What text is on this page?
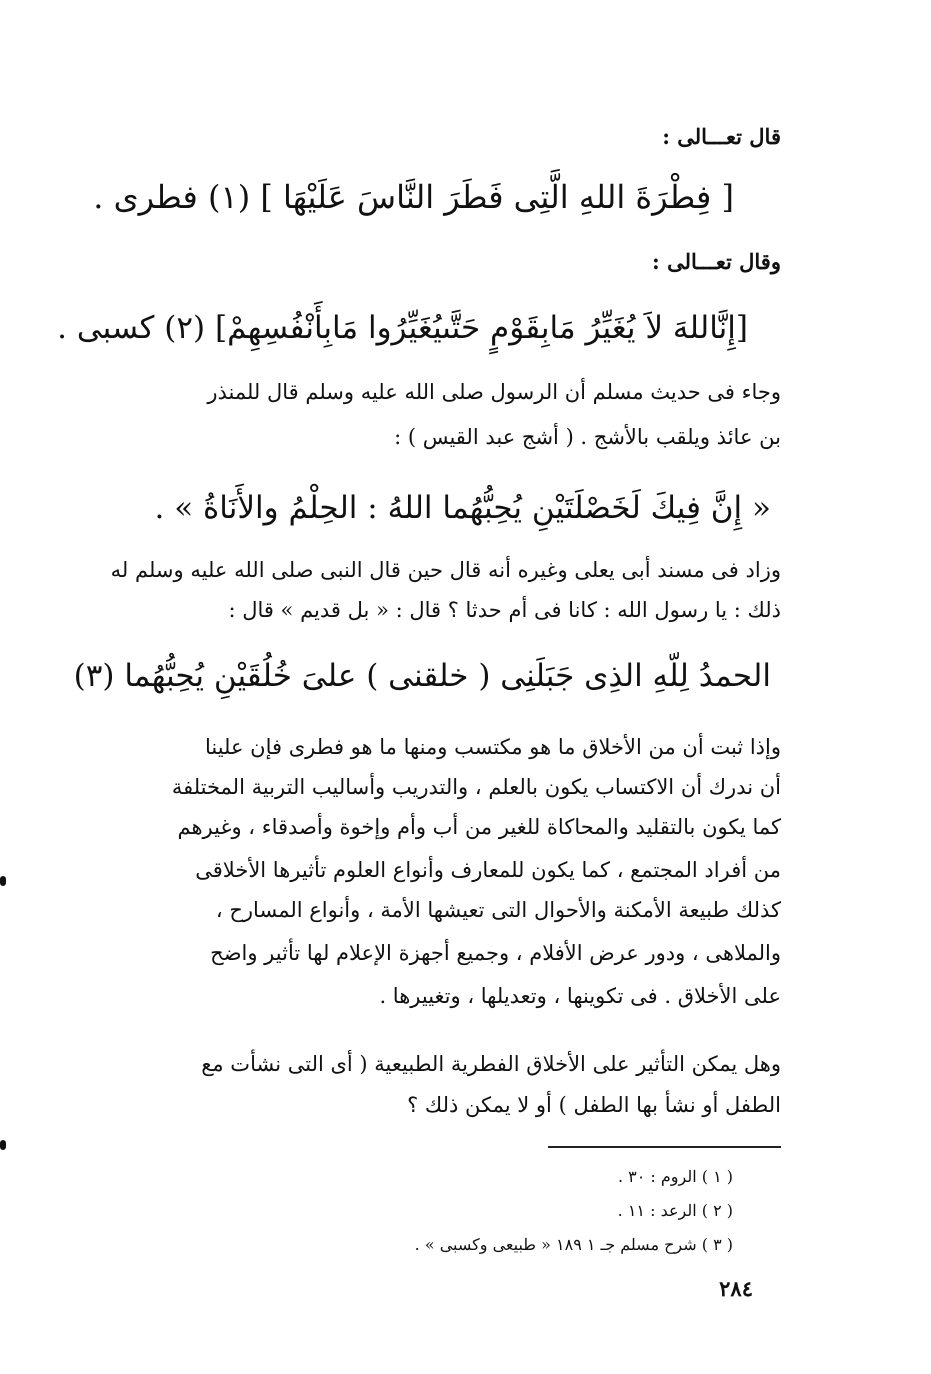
قال تعـــالى :
[ فِطْرَةَ اللهِ الَّتِى فَطَرَ النَّاسَ عَلَيْهَا ] (١) فطرى .
وقال تعـــالى :
[إِنَّاللهَ لاَ يُغَيِّرُ مَابِقَوْمٍ حَتَّىيُغَيِّرُوا مَابِأَنْفُسِهِمْ] (٢) كسبى .
وجاء فى حديث مسلم أن الرسول صلى الله عليه وسلم قال للمنذر
بن عائذ ويلقب بالأشج . ( أشج عبد القيس ) :
« إِنَّ فِيكَ لَخَصْلَتَيْنِ يُحِبُّهُما اللهُ : الحِلْمُ والأَنَاةُ » .
وزاد فى مسند أبى يعلى وغيره أنه قال حين قال النبى صلى الله عليه وسلم له
ذلك : يا رسول الله : كانا فى أم حدثا ؟ قال : « بل قديم » قال :
الحمدُ لِلّهِ الذِى جَبَلَنِى ( خلقنى ) علىَ خُلُقَيْنِ يُحِبُّهُما (٣)
وإذا ثبت أن من الأخلاق ما هو مكتسب ومنها ما هو فطرى فإن علينا
أن ندرك أن الاكتساب يكون بالعلم ، والتدريب وأساليب التربية المختلفة
كما يكون بالتقليد والمحاكاة للغير من أب وأم وإخوة وأصدقاء ، وغيرهم
من أفراد المجتمع ، كما يكون للمعارف وأنواع العلوم تأثيرها الأخلاقى
كذلك طبيعة الأمكنة والأحوال التى تعيشها الأمة ، وأنواع المسارح ،
والملاهى ، ودور عرض الأفلام ، وجميع أجهزة الإعلام لها تأثير واضح
على الأخلاق . فى تكوينها ، وتعديلها ، وتغييرها .
وهل يمكن التأثير على الأخلاق الفطرية الطبيعية ( أى التى نشأت مع
الطفل أو نشأ بها الطفل ) أو لا يمكن ذلك ؟
( ١ ) الروم : ٣٠ .
( ٢ ) الرعد : ١١ .
( ٣ ) شرح مسلم جـ ١ ١٨٩ « طبيعى وكسبى » .
٢٨٤
